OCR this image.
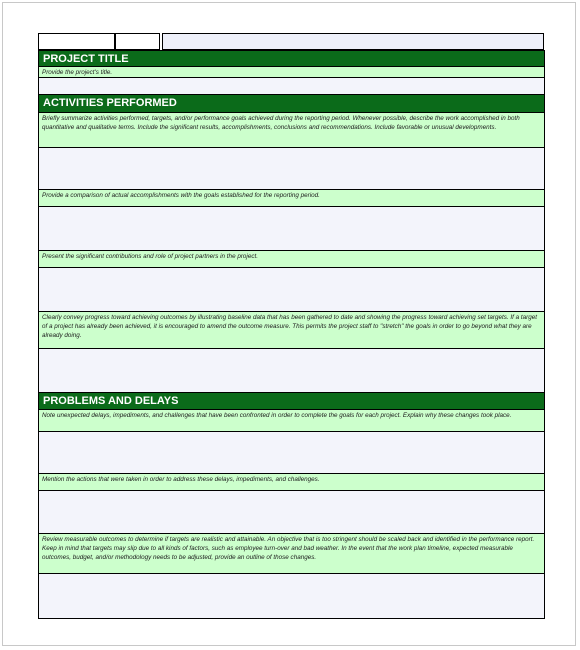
PROJECT TITLE
Provide the project's title.
ACTIVITIES PERFORMED
Briefly summarize activities performed, targets, and/or performance goals achieved during the reporting period. Whenever possible, describe the work accomplished in both quantitative and qualitative terms. Include the significant results, accomplishments, conclusions and recommendations. Include favorable or unusual developments.
Provide a comparison of actual accomplishments with the goals established for the reporting period.
Present the significant contributions and role of project partners in the project.
Clearly convey progress toward achieving outcomes by illustrating baseline data that has been gathered to date and showing the progress toward achieving set targets. If a target of a project has already been achieved, it is encouraged to amend the outcome measure. This permits the project staff to "stretch" the goals in order to go beyond what they are already doing.
PROBLEMS AND DELAYS
Note unexpected delays, impediments, and challenges that have been confronted in order to complete the goals for each project. Explain why these changes took place.
Mention the actions that were taken in order to address these delays, impediments, and challenges.
Review measurable outcomes to determine if targets are realistic and attainable. An objective that is too stringent should be scaled back and identified in the performance report. Keep in mind that targets may slip due to all kinds of factors, such as employee turn-over and bad weather. In the event that the work plan timeline, expected measurable outcomes, budget, and/or methodology needs to be adjusted, provide an outline of those changes.
